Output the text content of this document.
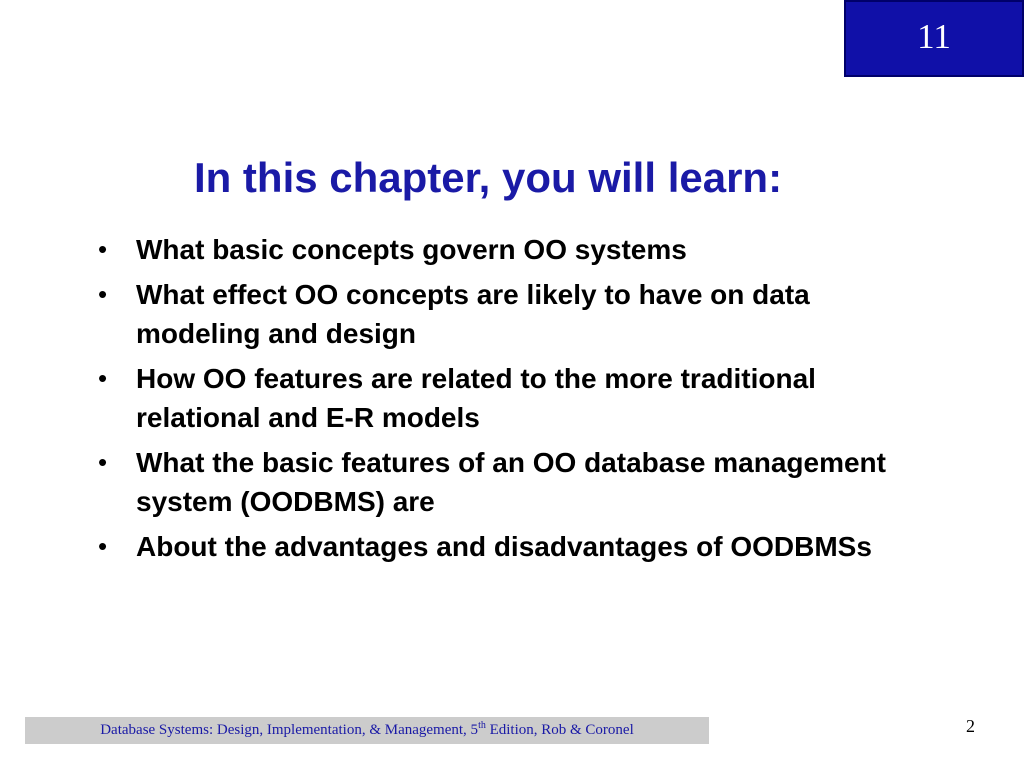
11
In this chapter, you will learn:
• What basic concepts govern OO systems
• What effect OO concepts are likely to have on data modeling and design
• How OO features are related to the more traditional relational and E-R models
• What the basic features of an OO database management system (OODBMS) are
• About the advantages and disadvantages of OODBMSs
Database Systems: Design, Implementation, & Management, 5th Edition, Rob & Coronel	2
